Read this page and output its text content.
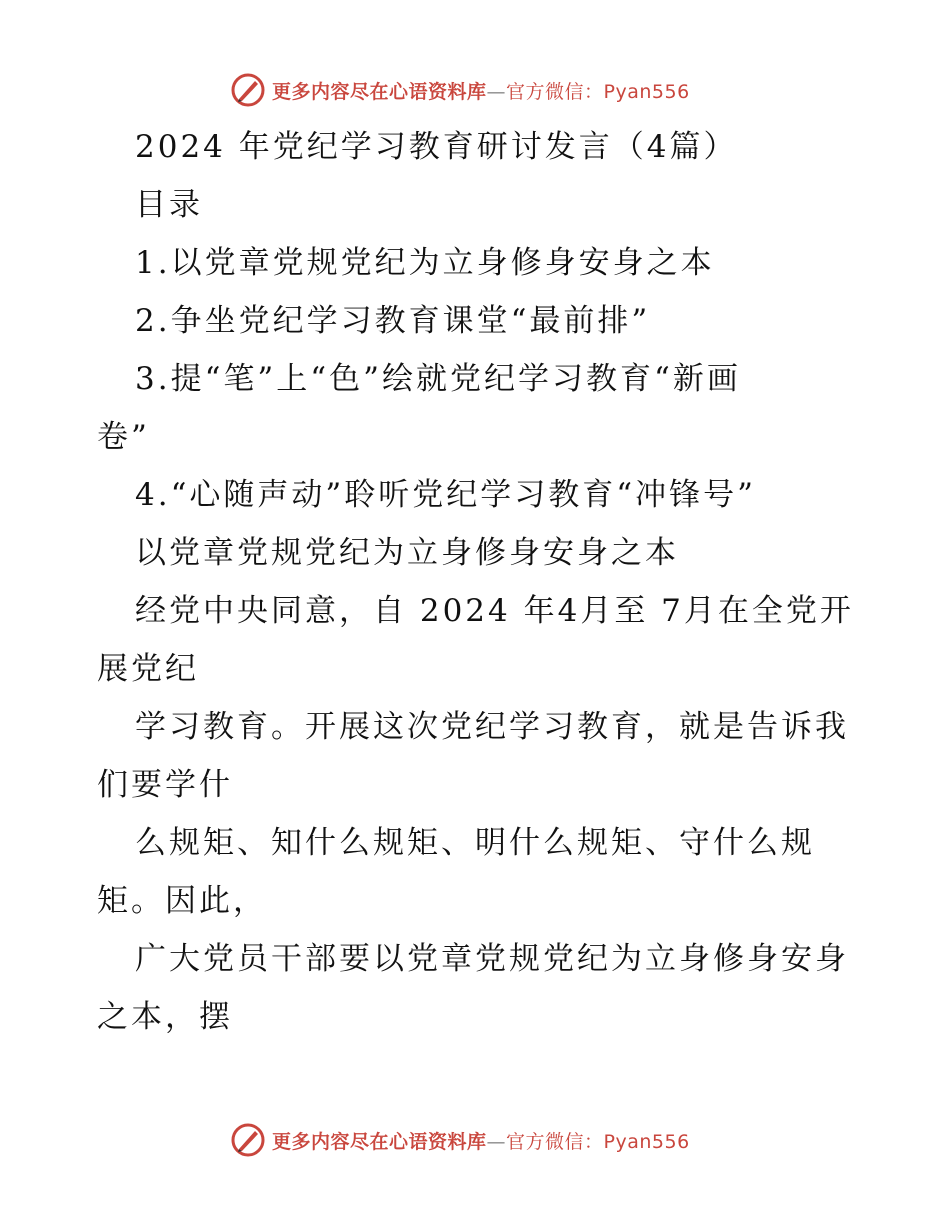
更多内容尽在心语资料库—官方微信：Pyan556
2024 年党纪学习教育研讨发言（4篇）
目录
1.以党章党规党纪为立身修身安身之本
2.争坐党纪学习教育课堂“最前排”
3.提“笔”上“色”绘就党纪学习教育“新画
卷”
4.“心随声动”聆听党纪学习教育“冲锋号”
以党章党规党纪为立身修身安身之本
经党中央同意，自 2024 年4月至 7月在全党开
展党纪
学习教育。开展这次党纪学习教育，就是告诉我
们要学什
么规矩、知什么规矩、明什么规矩、守什么规
矩。因此，
广大党员干部要以党章党规党纪为立身修身安身
之本，摆
更多内容尽在心语资料库—官方微信：Pyan556
